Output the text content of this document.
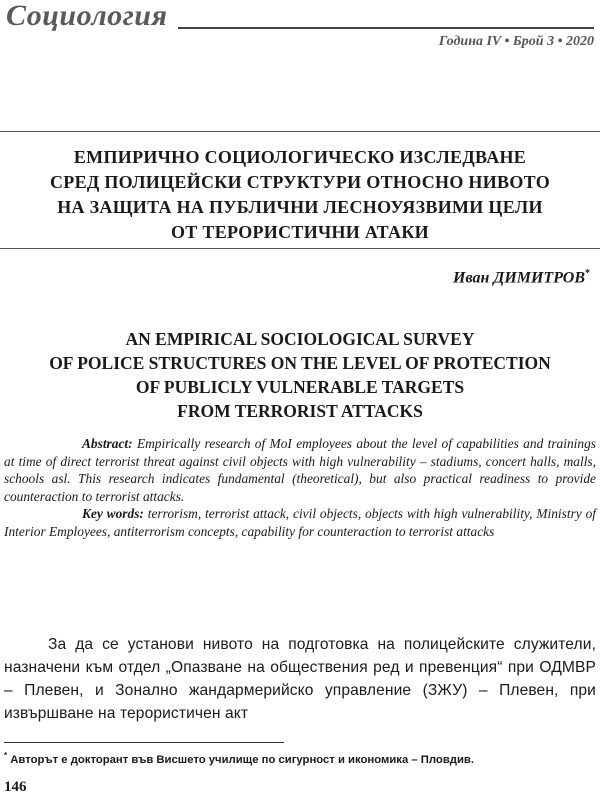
Социология
Година IV • Брой 3 • 2020
ЕМПИРИЧНО СОЦИОЛОГИЧЕСКО ИЗСЛЕДВАНЕ
СРЕД ПОЛИЦЕЙСКИ СТРУКТУРИ ОТНОСНО НИВОТО
НА ЗАЩИТА НА ПУБЛИЧНИ ЛЕСНОУЯЗВИМИ ЦЕЛИ
ОТ ТЕРОРИСТИЧНИ АТАКИ
Иван ДИМИТРОВ*
AN EMPIRICAL SOCIOLOGICAL SURVEY
OF POLICE STRUCTURES ON THE LEVEL OF PROTECTION
OF PUBLICLY VULNERABLE TARGETS
FROM TERRORIST ATTACKS

Abstract: Empirically research of MoI employees about the level of capabilities and trainings at time of direct terrorist threat against civil objects with high vulnerability – stadiums, concert halls, malls, schools asl. This research indicates fundamental (theoretical), but also practical readiness to provide counteraction to terrorist attacks.

Key words: terrorism, terrorist attack, civil objects, objects with high vulnerability, Ministry of Interior Employees, antiterrorism concepts, capability for counteraction to terrorist attacks

За да се установи нивото на подготовка на полицейските служители, назначени към отдел „Опазване на обществения ред и превенция“ при ОДМВР – Плевен, и Зонално жандармерийско управление (ЗЖУ) – Плевен, при извършване на терористичен акт

* Авторът е докторант във Висшето училище по сигурност и икономика – Пловдив.
146
